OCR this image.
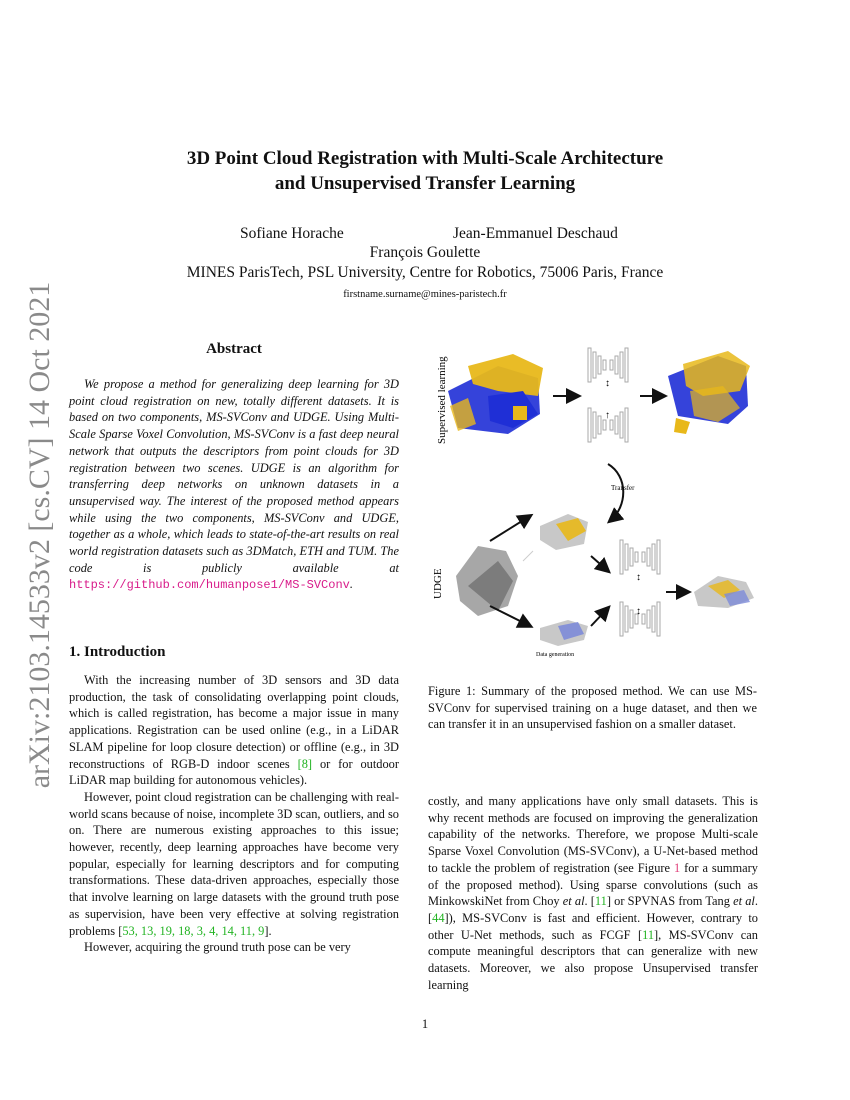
arXiv:2103.14533v2 [cs.CV] 14 Oct 2021
3D Point Cloud Registration with Multi-Scale Architecture
and Unsupervised Transfer Learning
Sofiane Horache	Jean-Emmanuel Deschaud
François Goulette
MINES ParisTech, PSL University, Centre for Robotics, 75006 Paris, France
firstname.surname@mines-paristech.fr
Abstract

We propose a method for generalizing deep learning for 3D point cloud registration on new, totally different datasets. It is based on two components, MS-SVConv and UDGE. Using Multi-Scale Sparse Voxel Convolution, MS-SVConv is a fast deep neural network that outputs the descriptors from point clouds for 3D registration between two scenes. UDGE is an algorithm for transferring deep networks on unknown datasets in a unsupervised way. The interest of the proposed method appears while using the two components, MS-SVConv and UDGE, together as a whole, which leads to state-of-the-art results on real world registration datasets such as 3DMatch, ETH and TUM. The code is publicly available at https://github.com/humanpose1/MS-SVConv.

1. Introduction

With the increasing number of 3D sensors and 3D data production, the task of consolidating overlapping point clouds, which is called registration, has become a major issue in many applications. Registration can be used online (e.g., in a LiDAR SLAM pipeline for loop closure detection) or offline (e.g., in 3D reconstructions of RGB-D indoor scenes [8] or for outdoor LiDAR map building for autonomous vehicles).

However, point cloud registration can be challenging with real-world scans because of noise, incomplete 3D scan, outliers, and so on. There are numerous existing approaches to this issue; however, recently, deep learning approaches have become very popular, especially for learning descriptors and for computing transformations. These data-driven approaches, especially those that involve learning on large datasets with the ground truth pose as supervision, have been very effective at solving registration problems [53, 13, 19, 18, 3, 4, 14, 11, 9].

However, acquiring the ground truth pose can be very

costly, and many applications have only small datasets. This is why recent methods are focused on improving the generalization capability of the networks. Therefore, we propose Multi-scale Sparse Voxel Convolution (MS-SVConv), a U-Net-based method to tackle the problem of registration (see Figure 1 for a summary of the proposed method). Using sparse convolutions (such as MinkowskiNet from Choy et al. [11] or SPVNAS from Tang et al. [44]), MS-SVConv is fast and efficient. However, contrary to other U-Net methods, such as FCGF [11], MS-SVConv can compute meaningful descriptors that can generalize with new datasets. Moreover, we also propose Unsupervised transfer learning

Supervised learning	↕
↑
Transfer
UDGE
Data generation
↕
↕
Figure 1: Summary of the proposed method. We can use MS-SVConv for supervised training on a huge dataset, and then we can transfer it in an unsupervised fashion on a smaller dataset.
1
